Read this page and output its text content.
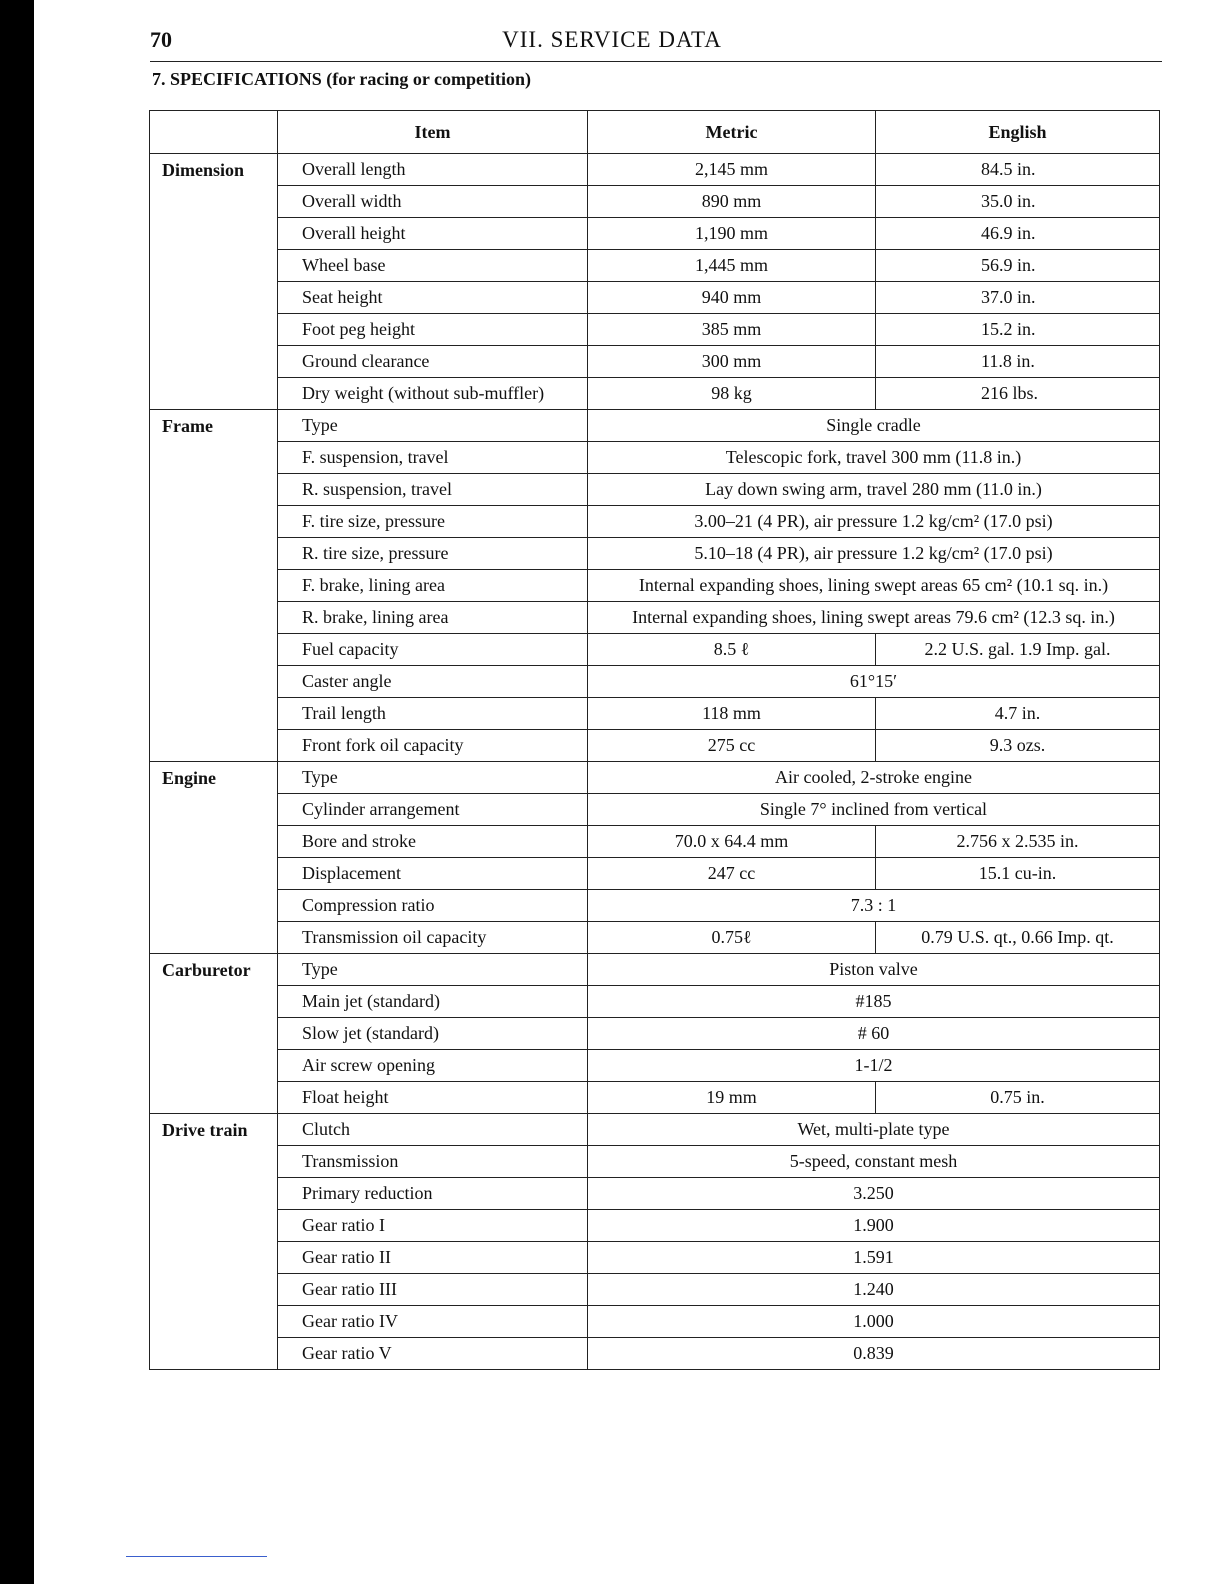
70	VII. SERVICE DATA
7. SPECIFICATIONS (for racing or competition)
	Item	Metric	English
Dimension	Overall length	2,145 mm	84.5 in.
	Overall width	890 mm	35.0 in.
	Overall height	1,190 mm	46.9 in.
	Wheel base	1,445 mm	56.9 in.
	Seat height	940 mm	37.0 in.
	Foot peg height	385 mm	15.2 in.
	Ground clearance	300 mm	11.8 in.
	Dry weight (without sub-muffler)	98 kg	216 lbs.
Frame	Type	Single cradle	
	F. suspension, travel	Telescopic fork, travel 300 mm (11.8 in.)	
	R. suspension, travel	Lay down swing arm, travel 280 mm (11.0 in.)	
	F. tire size, pressure	3.00–21 (4 PR), air pressure 1.2 kg/cm² (17.0 psi)	
	R. tire size, pressure	5.10–18 (4 PR), air pressure 1.2 kg/cm² (17.0 psi)	
	F. brake, lining area	Internal expanding shoes, lining swept areas 65 cm² (10.1 sq. in.)	
	R. brake, lining area	Internal expanding shoes, lining swept areas 79.6 cm² (12.3 sq. in.)	
	Fuel capacity	8.5 ℓ	2.2 U.S. gal. 1.9 Imp. gal.
	Caster angle	61°15′	
	Trail length	118 mm	4.7 in.
	Front fork oil capacity	275 cc	9.3 ozs.
Engine	Type	Air cooled, 2-stroke engine	
	Cylinder arrangement	Single 7° inclined from vertical	
	Bore and stroke	70.0 x 64.4 mm	2.756 x 2.535 in.
	Displacement	247 cc	15.1 cu-in.
	Compression ratio	7.3 : 1	
	Transmission oil capacity	0.75ℓ	0.79 U.S. qt., 0.66 Imp. qt.
Carburetor	Type	Piston valve	
	Main jet (standard)	#185	
	Slow jet (standard)	# 60	
	Air screw opening	1-1/2	
	Float height	19 mm	0.75 in.
Drive train	Clutch	Wet, multi-plate type	
	Transmission	5-speed, constant mesh	
	Primary reduction	3.250	
	Gear ratio I	1.900	
	Gear ratio II	1.591	
	Gear ratio III	1.240	
	Gear ratio IV	1.000	
	Gear ratio V	0.839	
